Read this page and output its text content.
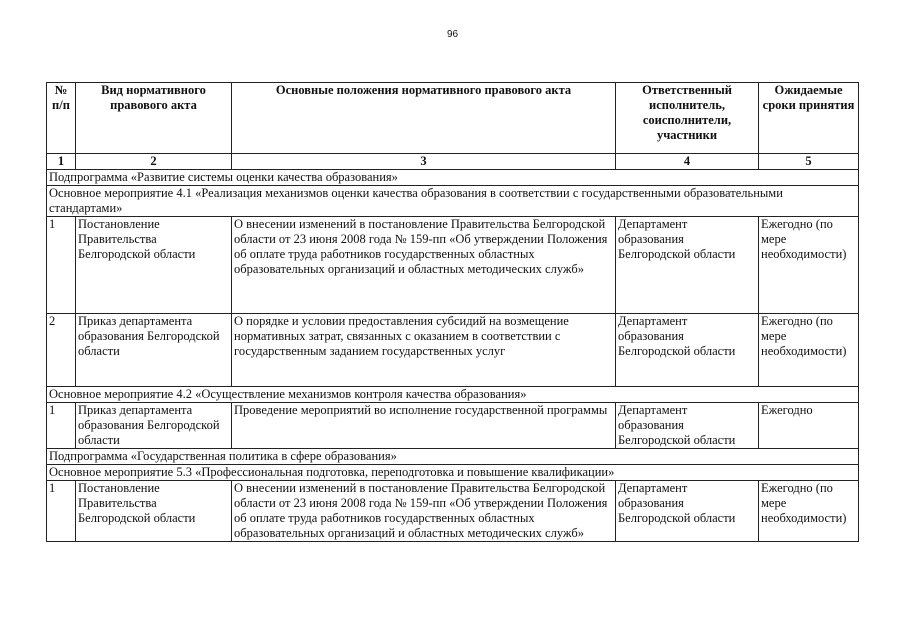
96
№ п/п	Вид нормативного правового акта	Основные положения нормативного правового акта	Ответственный исполнитель, соисполнители, участники	Ожидаемые сроки принятия
1	2	3	4	5
Подпрограмма «Развитие системы оценки качества образования»				
Основное мероприятие 4.1 «Реализация механизмов оценки качества образования в соответствии с государственными образовательными стандартами»				
1	Постановление Правительства Белгородской области	О внесении изменений в постановление Правительства Белгородской области от 23 июня 2008 года № 159-пп «Об утверждении Положения об оплате труда работников государственных областных образовательных организаций и областных методических служб»	Департамент образования Белгородской области	Ежегодно (по мере необходимости)
2	Приказ департамента образования Белгородской области	О порядке и условии предоставления субсидий на возмещение нормативных затрат, связанных с оказанием в соответствии с государственным заданием государственных услуг	Департамент образования Белгородской области	Ежегодно (по мере необходимости)
Основное мероприятие 4.2 «Осуществление механизмов контроля качества образования»				
1	Приказ департамента образования Белгородской области	Проведение мероприятий во исполнение государственной программы	Департамент образования Белгородской области	Ежегодно
Подпрограмма «Государственная политика в сфере образования»				
Основное мероприятие 5.3 «Профессиональная подготовка, переподготовка и повышение квалификации»				
1	Постановление Правительства Белгородской области	О внесении изменений в постановление Правительства Белгородской области от 23 июня 2008 года № 159-пп «Об утверждении Положения об оплате труда работников государственных областных образовательных организаций и областных методических служб»	Департамент образования Белгородской области	Ежегодно (по мере необходимости)
